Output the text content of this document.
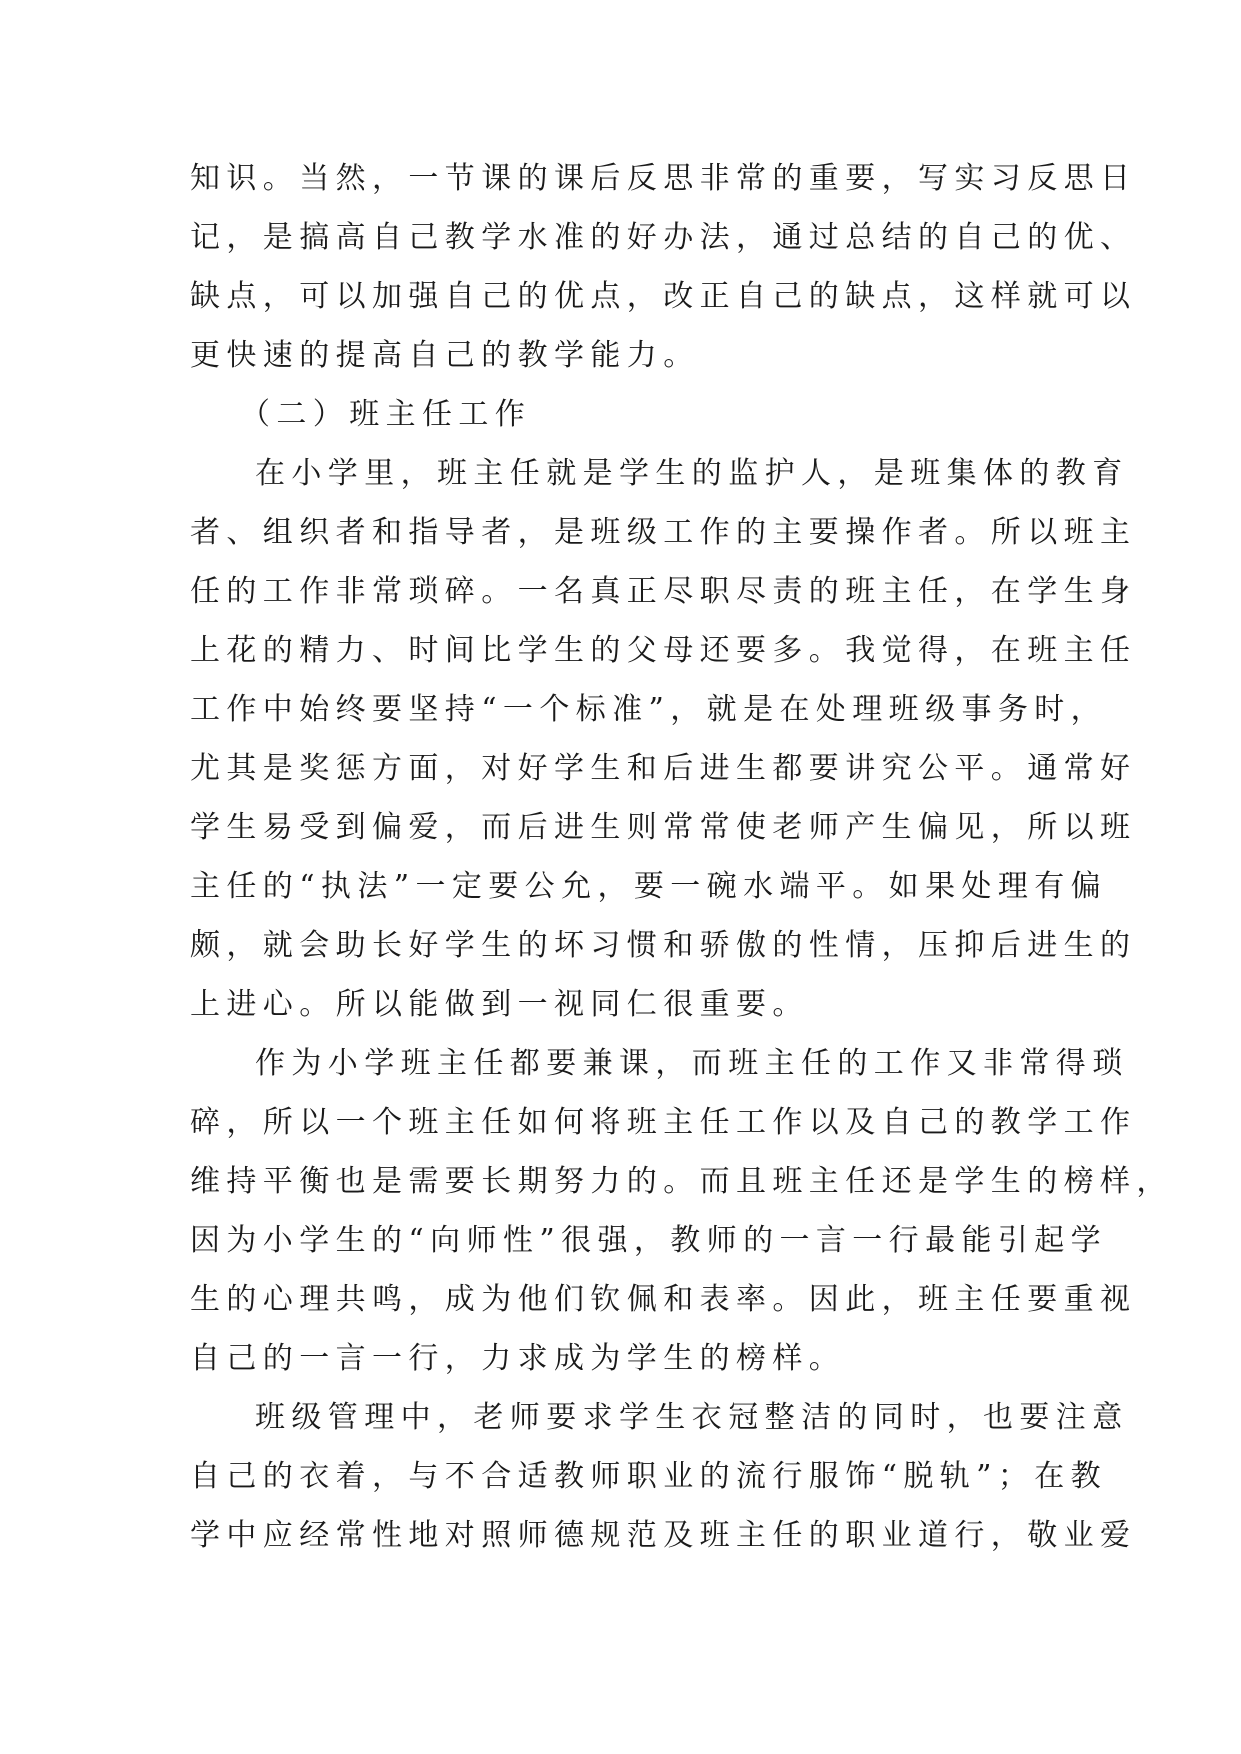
知识。当然，一节课的课后反思非常的重要，写实习反思日
记，是搞高自己教学水准的好办法，通过总结的自己的优、
缺点，可以加强自己的优点，改正自己的缺点，这样就可以
更快速的提高自己的教学能力。
（二）班主任工作
在小学里，班主任就是学生的监护人，是班集体的教育
者、组织者和指导者，是班级工作的主要操作者。所以班主
任的工作非常琐碎。一名真正尽职尽责的班主任，在学生身
上花的精力、时间比学生的父母还要多。我觉得，在班主任
工作中始终要坚持“一个标准”，就是在处理班级事务时，
尤其是奖惩方面，对好学生和后进生都要讲究公平。通常好
学生易受到偏爱，而后进生则常常使老师产生偏见，所以班
主任的“执法”一定要公允，要一碗水端平。如果处理有偏
颇，就会助长好学生的坏习惯和骄傲的性情，压抑后进生的
上进心。所以能做到一视同仁很重要。
作为小学班主任都要兼课，而班主任的工作又非常得琐
碎，所以一个班主任如何将班主任工作以及自己的教学工作
维持平衡也是需要长期努力的。而且班主任还是学生的榜样，
因为小学生的“向师性”很强，教师的一言一行最能引起学
生的心理共鸣，成为他们钦佩和表率。因此，班主任要重视
自己的一言一行，力求成为学生的榜样。
班级管理中，老师要求学生衣冠整洁的同时，也要注意
自己的衣着，与不合适教师职业的流行服饰“脱轨”；在教
学中应经常性地对照师德规范及班主任的职业道行，敬业爱
